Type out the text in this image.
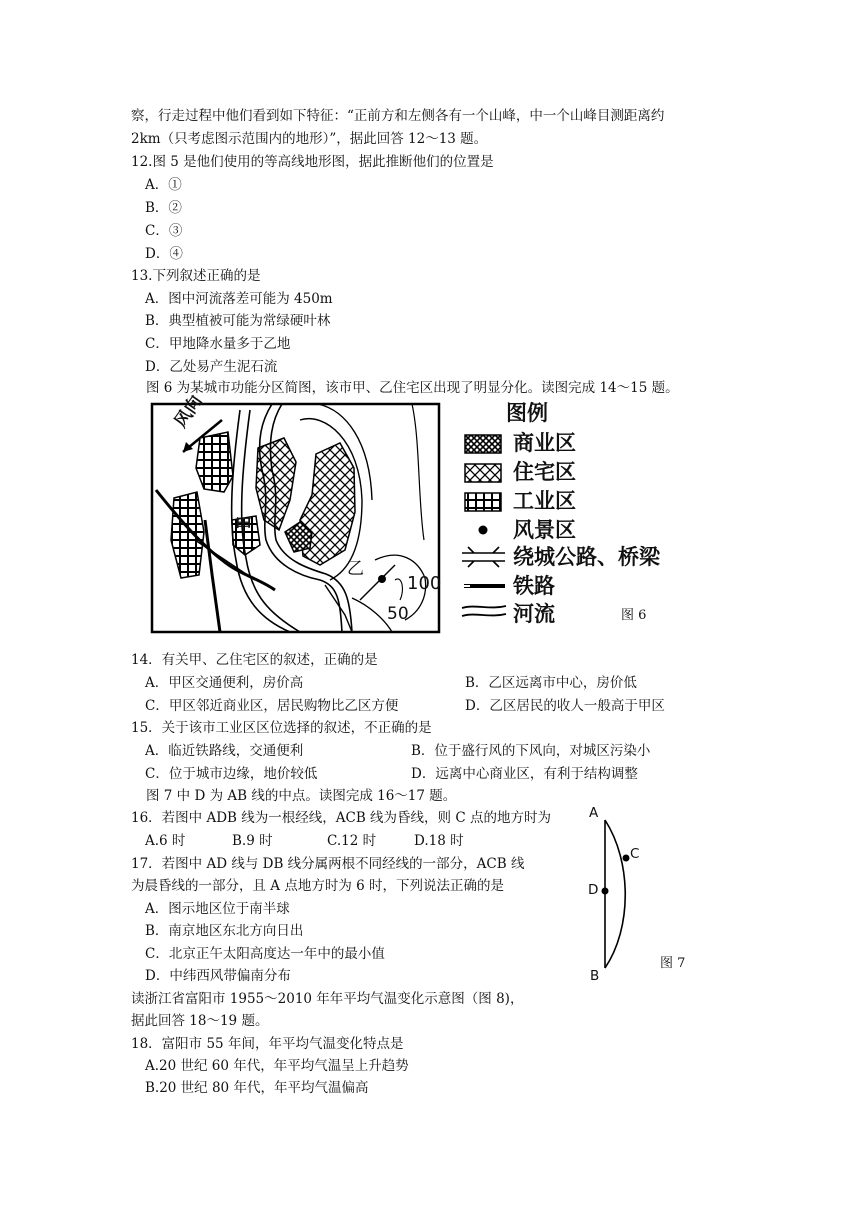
察，行走过程中他们看到如下特征：“正前方和左侧各有一个山峰，中一个山峰目测距离约
2km（只考虑图示范围内的地形）”，据此回答 12～13 题。
12.图 5 是他们使用的等高线地形图，据此推断他们的位置是
A．①
B．②
C．③
D．④
13.下列叙述正确的是
A．图中河流落差可能为 450m
B．典型植被可能为常绿硬叶林
C．甲地降水量多于乙地
D．乙处易产生泥石流
图 6 为某城市功能分区简图，该市甲、乙住宅区出现了明显分化。读图完成 14～15 题。
风向
甲
乙
100
50
图例
商业区
住宅区
工业区
风景区
绕城公路、桥梁
铁路
河流	图 6
14．有关甲、乙住宅区的叙述，正确的是
A．甲区交通便利，房价高	B．乙区远离市中心，房价低
C．甲区邻近商业区，居民购物比乙区方便	D．乙区居民的收人一般高于甲区
15．关于该市工业区区位选择的叙述，不正确的是
A．临近铁路线，交通便利	B．位于盛行风的下风向，对城区污染小
C．位于城市边缘，地价较低	D．远离中心商业区，有利于结构调整
图 7 中 D 为 AB 线的中点。读图完成 16～17 题。
16．若图中 ADB 线为一根经线，ACB 线为昏线，则 C 点的地方时为
A.6 时	B.9 时	C.12 时	D.18 时
17．若图中 AD 线与 DB 线分属两根不同经线的一部分，ACB 线
为晨昏线的一部分，且 A 点地方时为 6 时，下列说法正确的是
A．图示地区位于南半球
B．南京地区东北方向日出
C．北京正午太阳高度达一年中的最小值
D．中纬西风带偏南分布
A
C
D
B
图 7
读浙江省富阳市 1955～2010 年年平均气温变化示意图（图 8)，
据此回答 18～19 题。
18．富阳市 55 年间，年平均气温变化特点是
A.20 世纪 60 年代，年平均气温呈上升趋势
B.20 世纪 80 年代，年平均气温偏高
